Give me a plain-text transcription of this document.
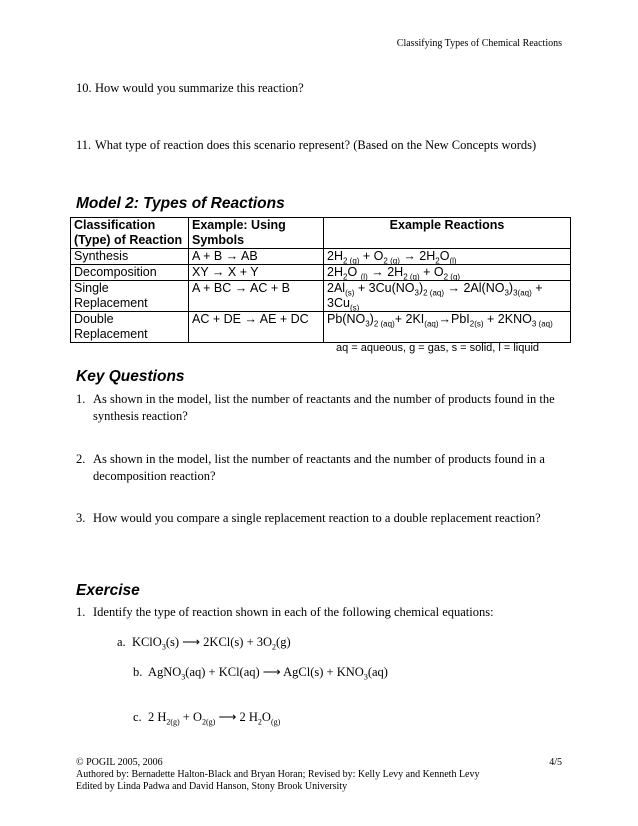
Classifying Types of Chemical Reactions
10. How would you summarize this reaction?
11. What type of reaction does this scenario represent? (Based on the New Concepts words)
Model 2: Types of Reactions
Classification (Type) of Reaction	Example: Using Symbols	Example Reactions
Synthesis	A + B → AB	$2H_{2 (g)} + O_{2 (g)} \to 2H_2O_{(l)}$
Decomposition	XY → X + Y	$2H_2O$ $_{(l)} \to 2H_{2 (g)} + O_{2 (g)}$
Single Replacement	A + BC → AC + B	$2Al_{(s)} + 3Cu(NO_3)_{2 (aq)} \to 2Al(NO_3)_{3(aq)} + 3Cu_{(s)}$
Double Replacement	AC + DE → AE + DC	$Pb(NO_3)_{2 (aq)}+ 2KI_{(aq)}\to PbI_{2(s)} + 2KNO_{3 (aq)}$
aq = aqueous, g = gas, s = solid, l = liquid
Key Questions
1. As shown in the model, list the number of reactants and the number of products found in the synthesis reaction?
2. As shown in the model, list the number of reactants and the number of products found in a decomposition reaction?
3. How would you compare a single replacement reaction to a double replacement reaction?
Exercise
1. Identify the type of reaction shown in each of the following chemical equations:
a. KClO$_3$(s) ⟶ $2KCl(s) + 3O_2(g)$
b. AgNO$_3$(aq) + KCl(aq) ⟶ AgCl(s) + $KNO_3(aq)$
c. 2 $H_{2(g)} + O_{2(g)}$ ⟶ 2 $H_2O_{(g)}$
© POGIL 2005, 2006	4/5
Authored by: Bernadette Halton-Black and Bryan Horan; Revised by: Kelly Levy and Kenneth Levy
Edited by Linda Padwa and David Hanson, Stony Brook University
